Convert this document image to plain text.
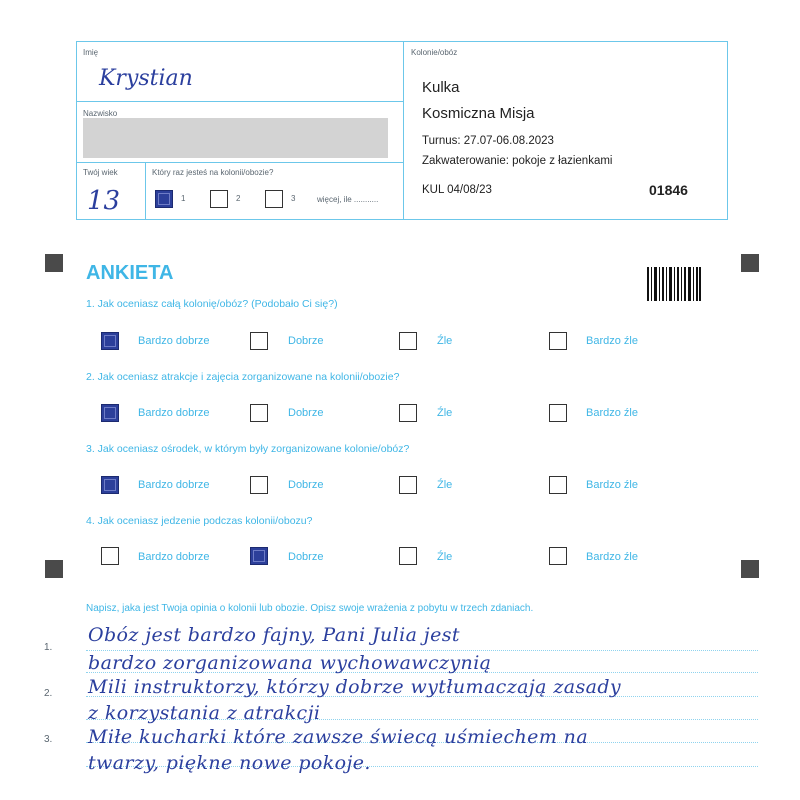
Imię
Krystian
Nazwisko
Twój wiek
13
Który raz jesteś na kolonii/obozie?
1	2	3	więcej, ile ...........
Kolonie/obóz
Kulka
Kosmiczna Misja
Turnus: 27.07-06.08.2023
Zakwaterowanie: pokoje z łazienkami
KUL 04/08/23	01846
ANKIETA
1. Jak oceniasz całą kolonię/obóz? (Podobało Ci się?)
Bardzo dobrze	Dobrze	Źle	Bardzo źle
2. Jak oceniasz atrakcje i zajęcia zorganizowane na kolonii/obozie?
Bardzo dobrze	Dobrze	Źle	Bardzo źle
3. Jak oceniasz ośrodek, w którym były zorganizowane kolonie/obóz?
Bardzo dobrze	Dobrze	Źle	Bardzo źle
4. Jak oceniasz jedzenie podczas kolonii/obozu?
Bardzo dobrze	Dobrze	Źle	Bardzo źle
Napisz, jaka jest Twoja opinia o kolonii lub obozie. Opisz swoje wrażenia z pobytu w trzech zdaniach.
1.
2.
3.
Obóz jest bardzo fajny, Pani Julia jest
bardzo zorganizowana wychowawczynią
Mili instruktorzy, którzy dobrze wytłumaczają zasady
z korzystania z atrakcji
Miłe kucharki które zawsze świecą uśmiechem na
twarzy, piękne nowe pokoje.
